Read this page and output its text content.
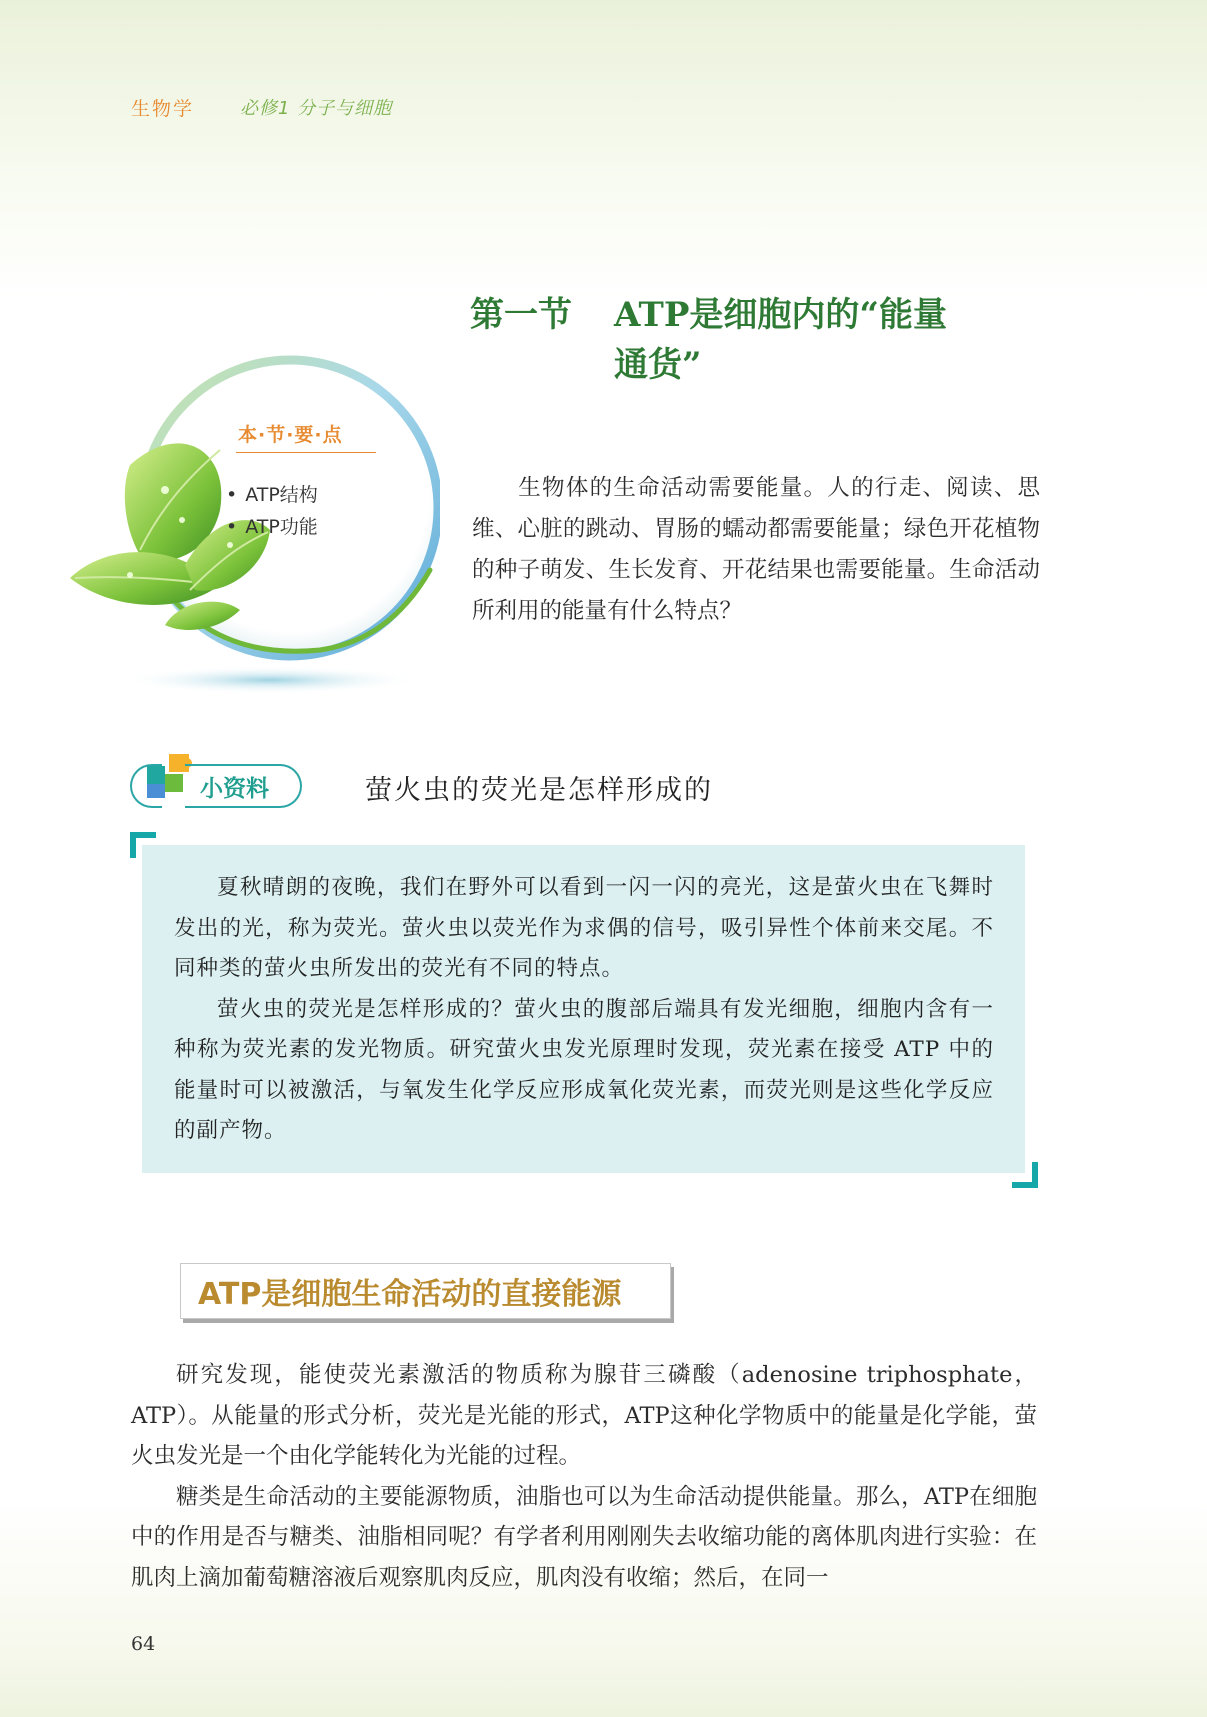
生物学	必修1 分子与细胞
第一节 ATP是细胞内的“能量
通货”
本·节·要·点
• ATP结构
• ATP功能
生物体的生命活动需要能量。人的行走、阅读、思维、心脏的跳动、胃肠的蠕动都需要能量；绿色开花植物的种子萌发、生长发育、开花结果也需要能量。生命活动所利用的能量有什么特点？
小资料	萤火虫的荧光是怎样形成的

夏秋晴朗的夜晚，我们在野外可以看到一闪一闪的亮光，这是萤火虫在飞舞时发出的光，称为荧光。萤火虫以荧光作为求偶的信号，吸引异性个体前来交尾。不同种类的萤火虫所发出的荧光有不同的特点。

萤火虫的荧光是怎样形成的？萤火虫的腹部后端具有发光细胞，细胞内含有一种称为荧光素的发光物质。研究萤火虫发光原理时发现，荧光素在接受 ATP 中的能量时可以被激活，与氧发生化学反应形成氧化荧光素，而荧光则是这些化学反应的副产物。

ATP是细胞生命活动的直接能源

研究发现，能使荧光素激活的物质称为腺苷三磷酸（adenosine triphosphate，ATP）。从能量的形式分析，荧光是光能的形式，ATP这种化学物质中的能量是化学能，萤火虫发光是一个由化学能转化为光能的过程。

糖类是生命活动的主要能源物质，油脂也可以为生命活动提供能量。那么，ATP在细胞中的作用是否与糖类、油脂相同呢？有学者利用刚刚失去收缩功能的离体肌肉进行实验：在肌肉上滴加葡萄糖溶液后观察肌肉反应，肌肉没有收缩；然后，在同一

64
